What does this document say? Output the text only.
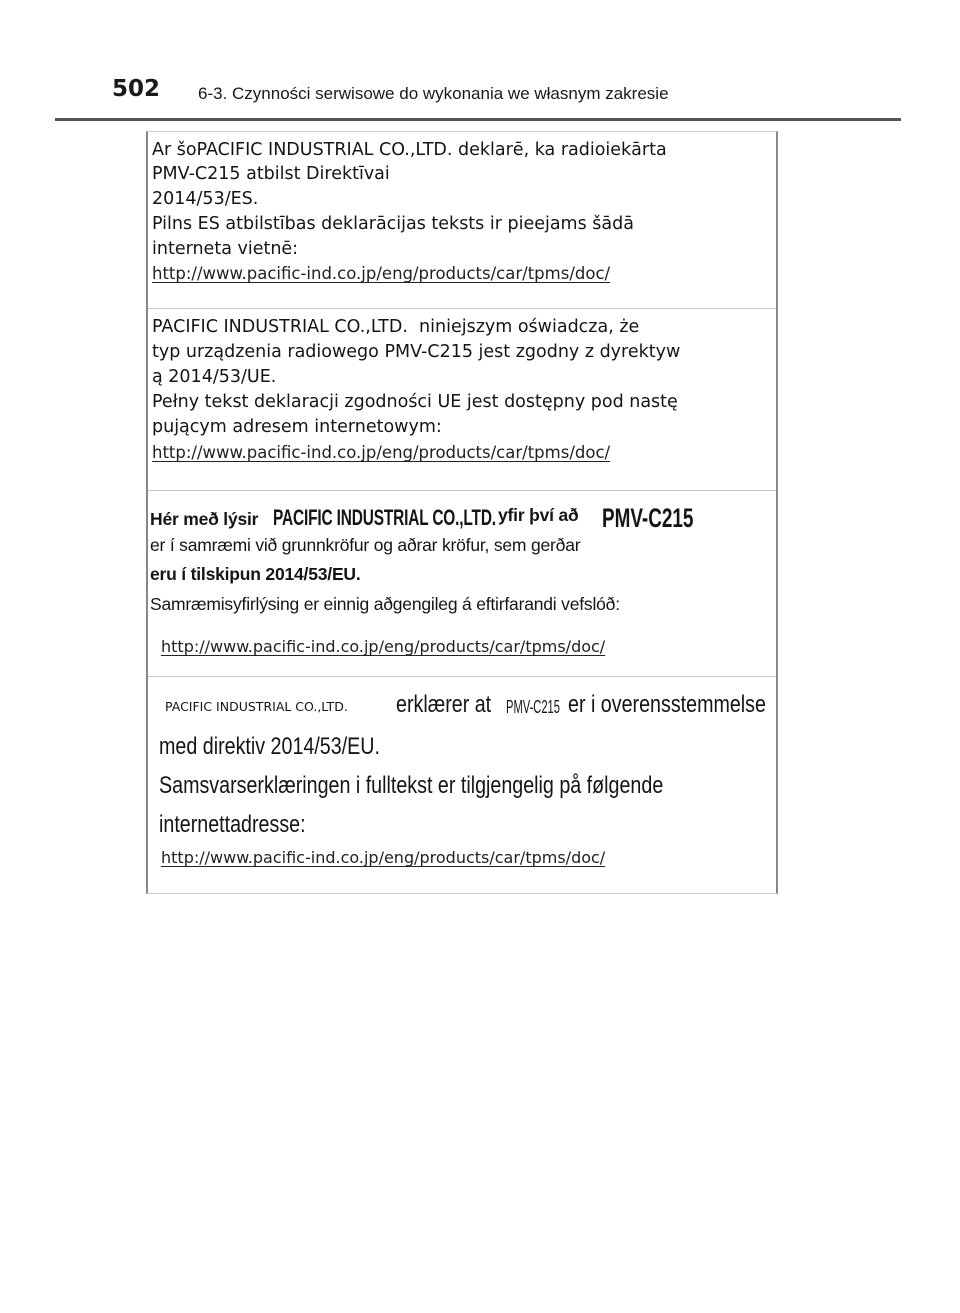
502 6-3. Czynności serwisowe do wykonania we własnym zakresie
Ar šoPACIFIC INDUSTRIAL CO.,LTD. deklarē, ka radioiekārta
PMV-C215 atbilst Direktīvai
2014/53/ES.
Pilns ES atbilstības deklarācijas teksts ir pieejams šādā
interneta vietnē:
http://www.pacific-ind.co.jp/eng/products/car/tpms/doc/
PACIFIC INDUSTRIAL CO.,LTD. niniejszym oświadcza, że
typ urządzenia radiowego PMV-C215 jest zgodny z dyrektyw
ą 2014/53/UE.
Pełny tekst deklaracji zgodności UE jest dostępny pod nastę
pującym adresem internetowym:
http://www.pacific-ind.co.jp/eng/products/car/tpms/doc/
Hér með lýsir PACIFIC INDUSTRIAL CO.,LTD. yfir því að PMV-C215
er í samræmi við grunnkröfur og aðrar kröfur, sem gerðar
eru í tilskipun 2014/53/EU.
Samræmisyfirlýsing er einnig aðgengileg á eftirfarandi vefslóð:
http://www.pacific-ind.co.jp/eng/products/car/tpms/doc/
PACIFIC INDUSTRIAL CO.,LTD. erklærer at PMV-C215 er i overensstemmelse
med direktiv 2014/53/EU.
Samsvarserklæringen i fulltekst er tilgjengelig på følgende
internettadresse:
http://www.pacific-ind.co.jp/eng/products/car/tpms/doc/
